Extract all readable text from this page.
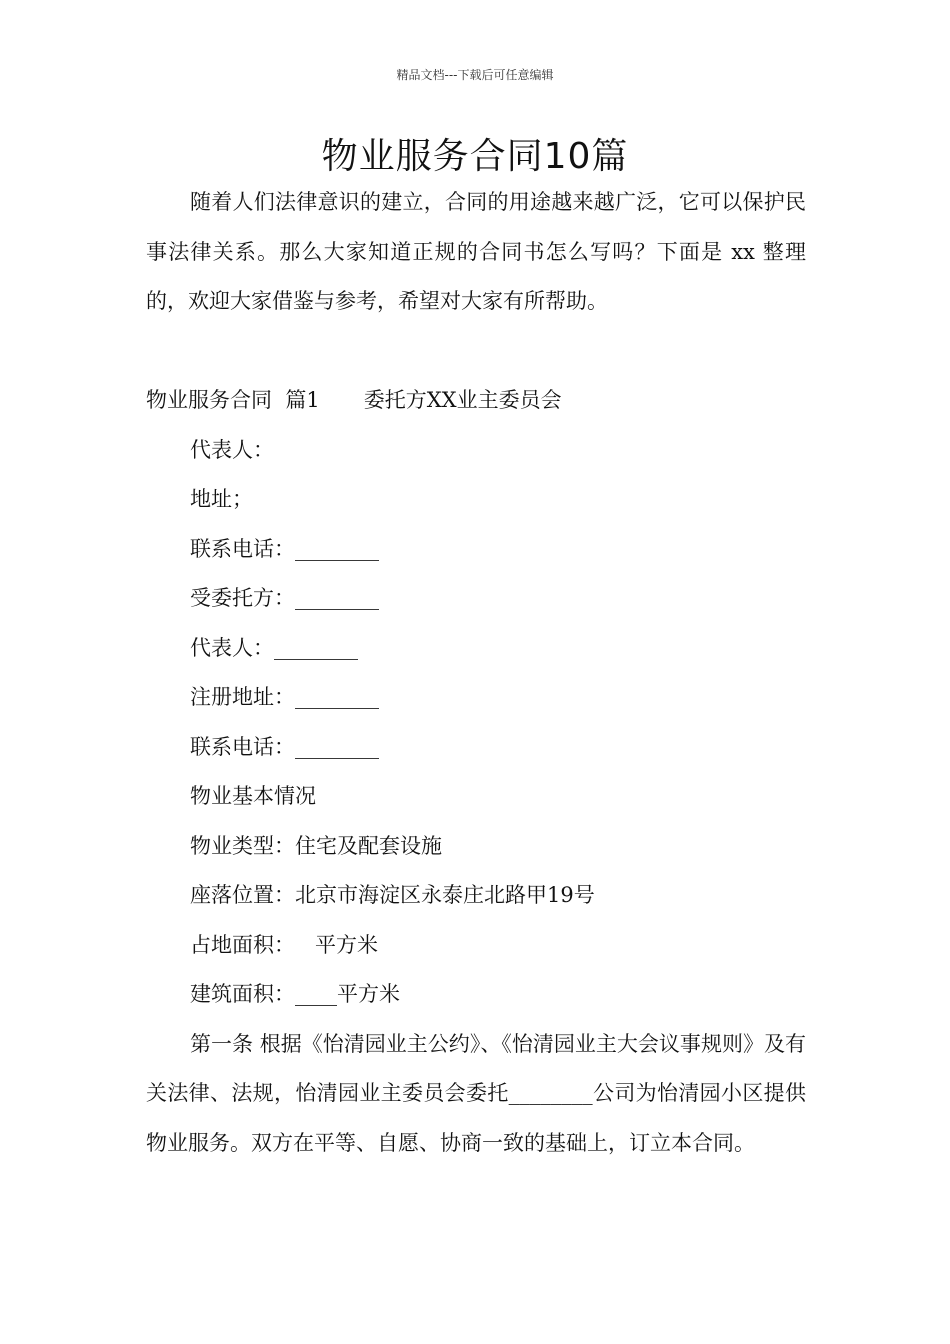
精品文档---下载后可任意编辑
物业服务合同10篇

随着人们法律意识的建立，合同的用途越来越广泛，它可以保护民事法律关系。那么大家知道正规的合同书怎么写吗？下面是 xx 整理的，欢迎大家借鉴与参考，希望对大家有所帮助。

物业服务合同  篇1 委托方XX业主委员会

代表人：

地址；

联系电话：________

受委托方：________

代表人：________

注册地址：________

联系电话：________

物业基本情况

物业类型：住宅及配套设施

座落位置：北京市海淀区永泰庄北路甲19号

占地面积：   平方米

建筑面积：____平方米

第一条 根据《怡清园业主公约》、《怡清园业主大会议事规则》及有关法律、法规，怡清园业主委员会委托________公司为怡清园小区提供物业服务。双方在平等、自愿、协商一致的基础上，订立本合同。
